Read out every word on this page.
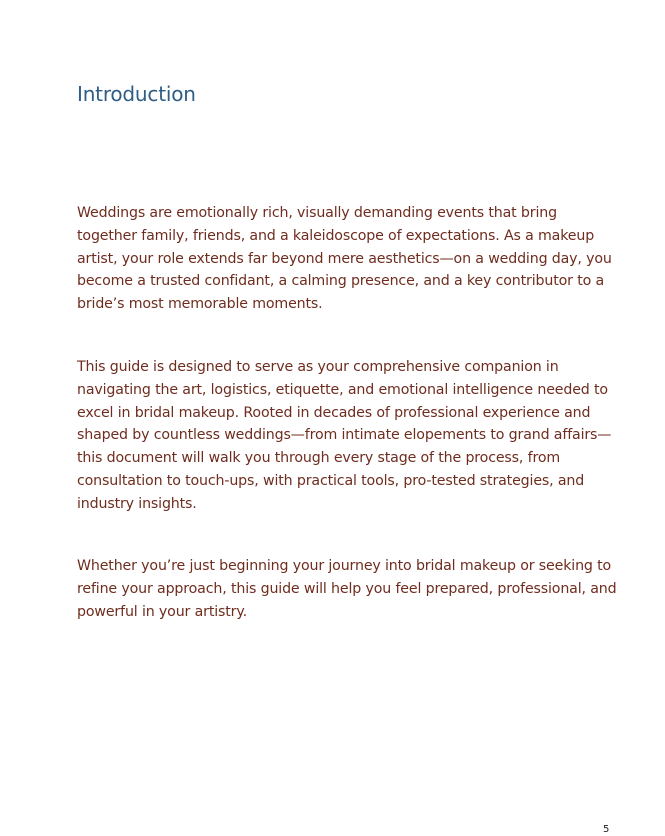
Introduction

Weddings are emotionally rich, visually demanding events that bring together family, friends, and a kaleidoscope of expectations. As a makeup artist, your role extends far beyond mere aesthetics—on a wedding day, you become a trusted confidant, a calming presence, and a key contributor to a bride’s most memorable moments.

This guide is designed to serve as your comprehensive companion in navigating the art, logistics, etiquette, and emotional intelligence needed to excel in bridal makeup. Rooted in decades of professional experience and shaped by countless weddings—from intimate elopements to grand affairs—this document will walk you through every stage of the process, from consultation to touch-ups, with practical tools, pro-tested strategies, and industry insights.

Whether you’re just beginning your journey into bridal makeup or seeking to refine your approach, this guide will help you feel prepared, professional, and powerful in your artistry.

5
